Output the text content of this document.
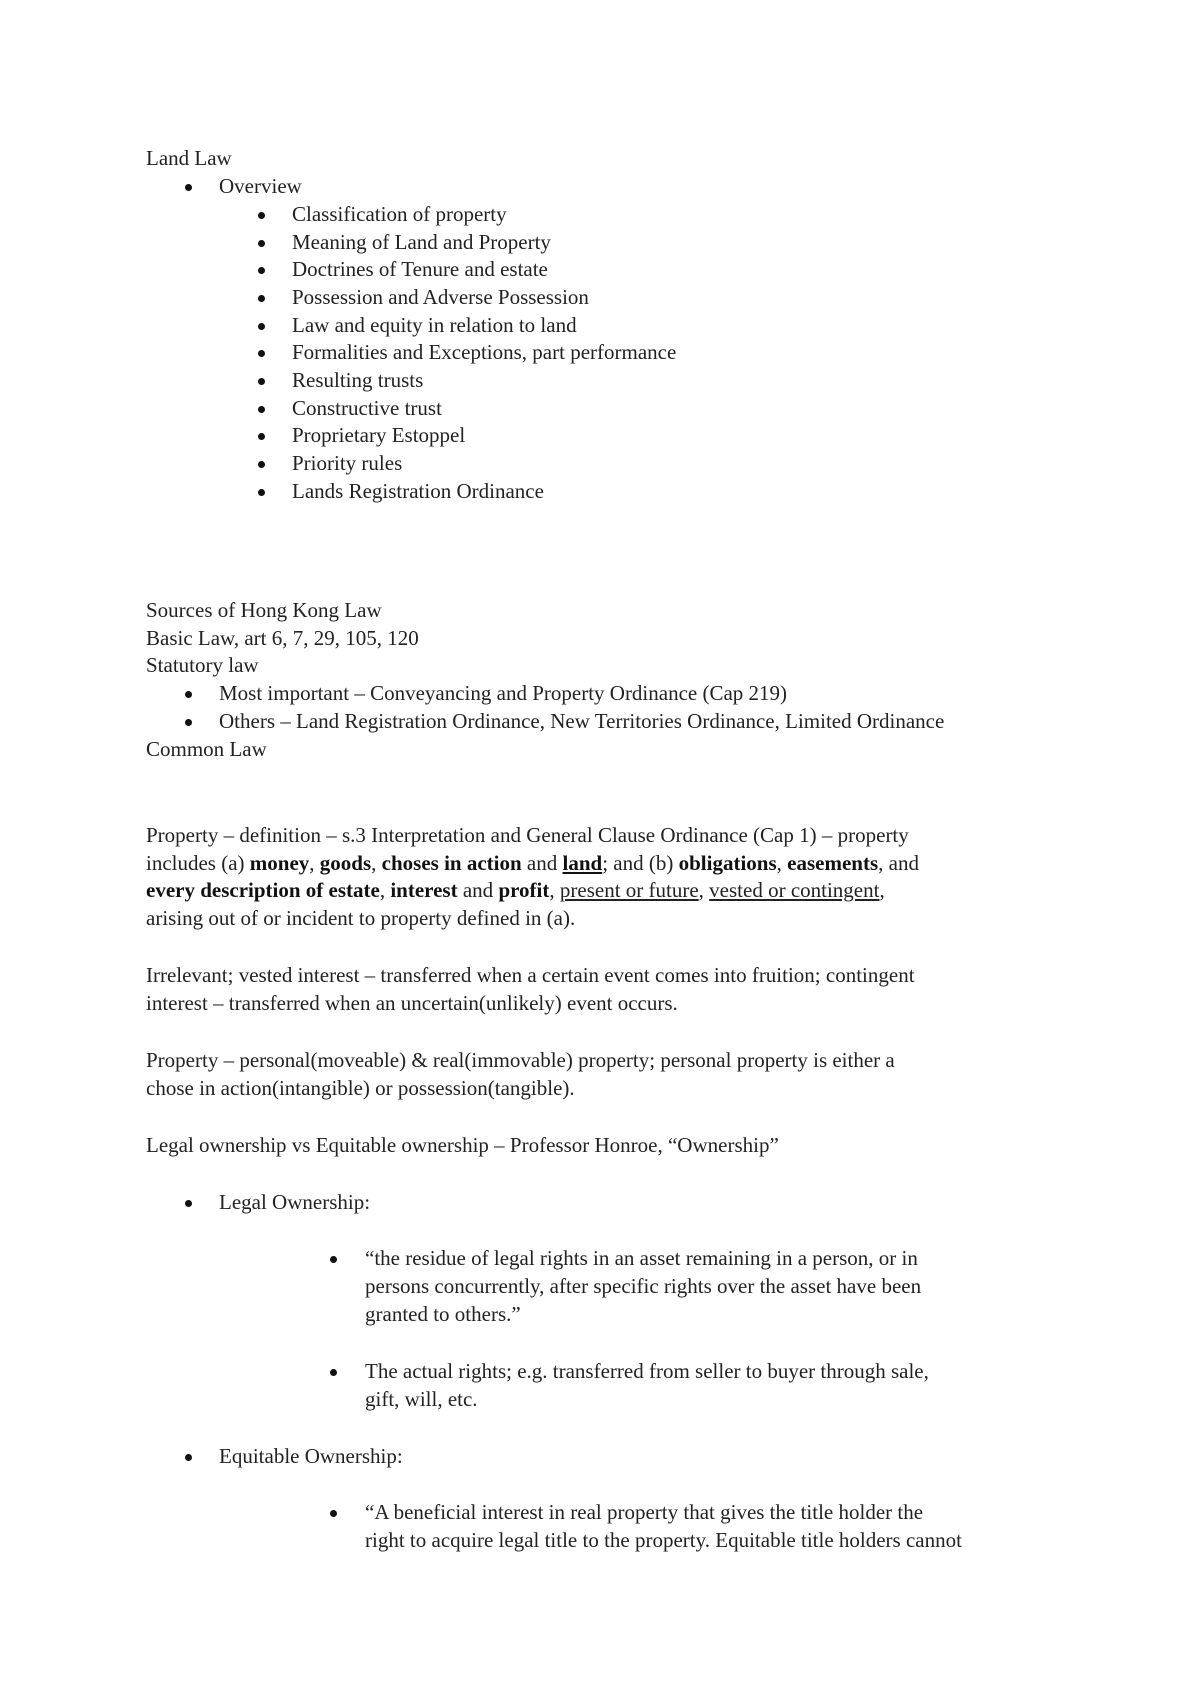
Land Law
Overview
Classification of property
Meaning of Land and Property
Doctrines of Tenure and estate
Possession and Adverse Possession
Law and equity in relation to land
Formalities and Exceptions, part performance
Resulting trusts
Constructive trust
Proprietary Estoppel
Priority rules
Lands Registration Ordinance
Sources of Hong Kong Law
Basic Law, art 6, 7, 29, 105, 120
Statutory law
Most important – Conveyancing and Property Ordinance (Cap 219)
Others – Land Registration Ordinance, New Territories Ordinance, Limited Ordinance
Common Law
Property – definition – s.3 Interpretation and General Clause Ordinance (Cap 1) – property
includes (a) money, goods, choses in action and land; and (b) obligations, easements, and
every description of estate, interest and profit, present or future, vested or contingent,
arising out of or incident to property defined in (a).
Irrelevant; vested interest – transferred when a certain event comes into fruition; contingent
interest – transferred when an uncertain(unlikely) event occurs.
Property – personal(moveable) & real(immovable) property; personal property is either a
chose in action(intangible) or possession(tangible).
Legal ownership vs Equitable ownership – Professor Honroe, “Ownership”
Legal Ownership:
“the residue of legal rights in an asset remaining in a person, or in
persons concurrently, after specific rights over the asset have been
granted to others.”
The actual rights; e.g. transferred from seller to buyer through sale,
gift, will, etc.
Equitable Ownership:
“A beneficial interest in real property that gives the title holder the
right to acquire legal title to the property. Equitable title holders cannot
